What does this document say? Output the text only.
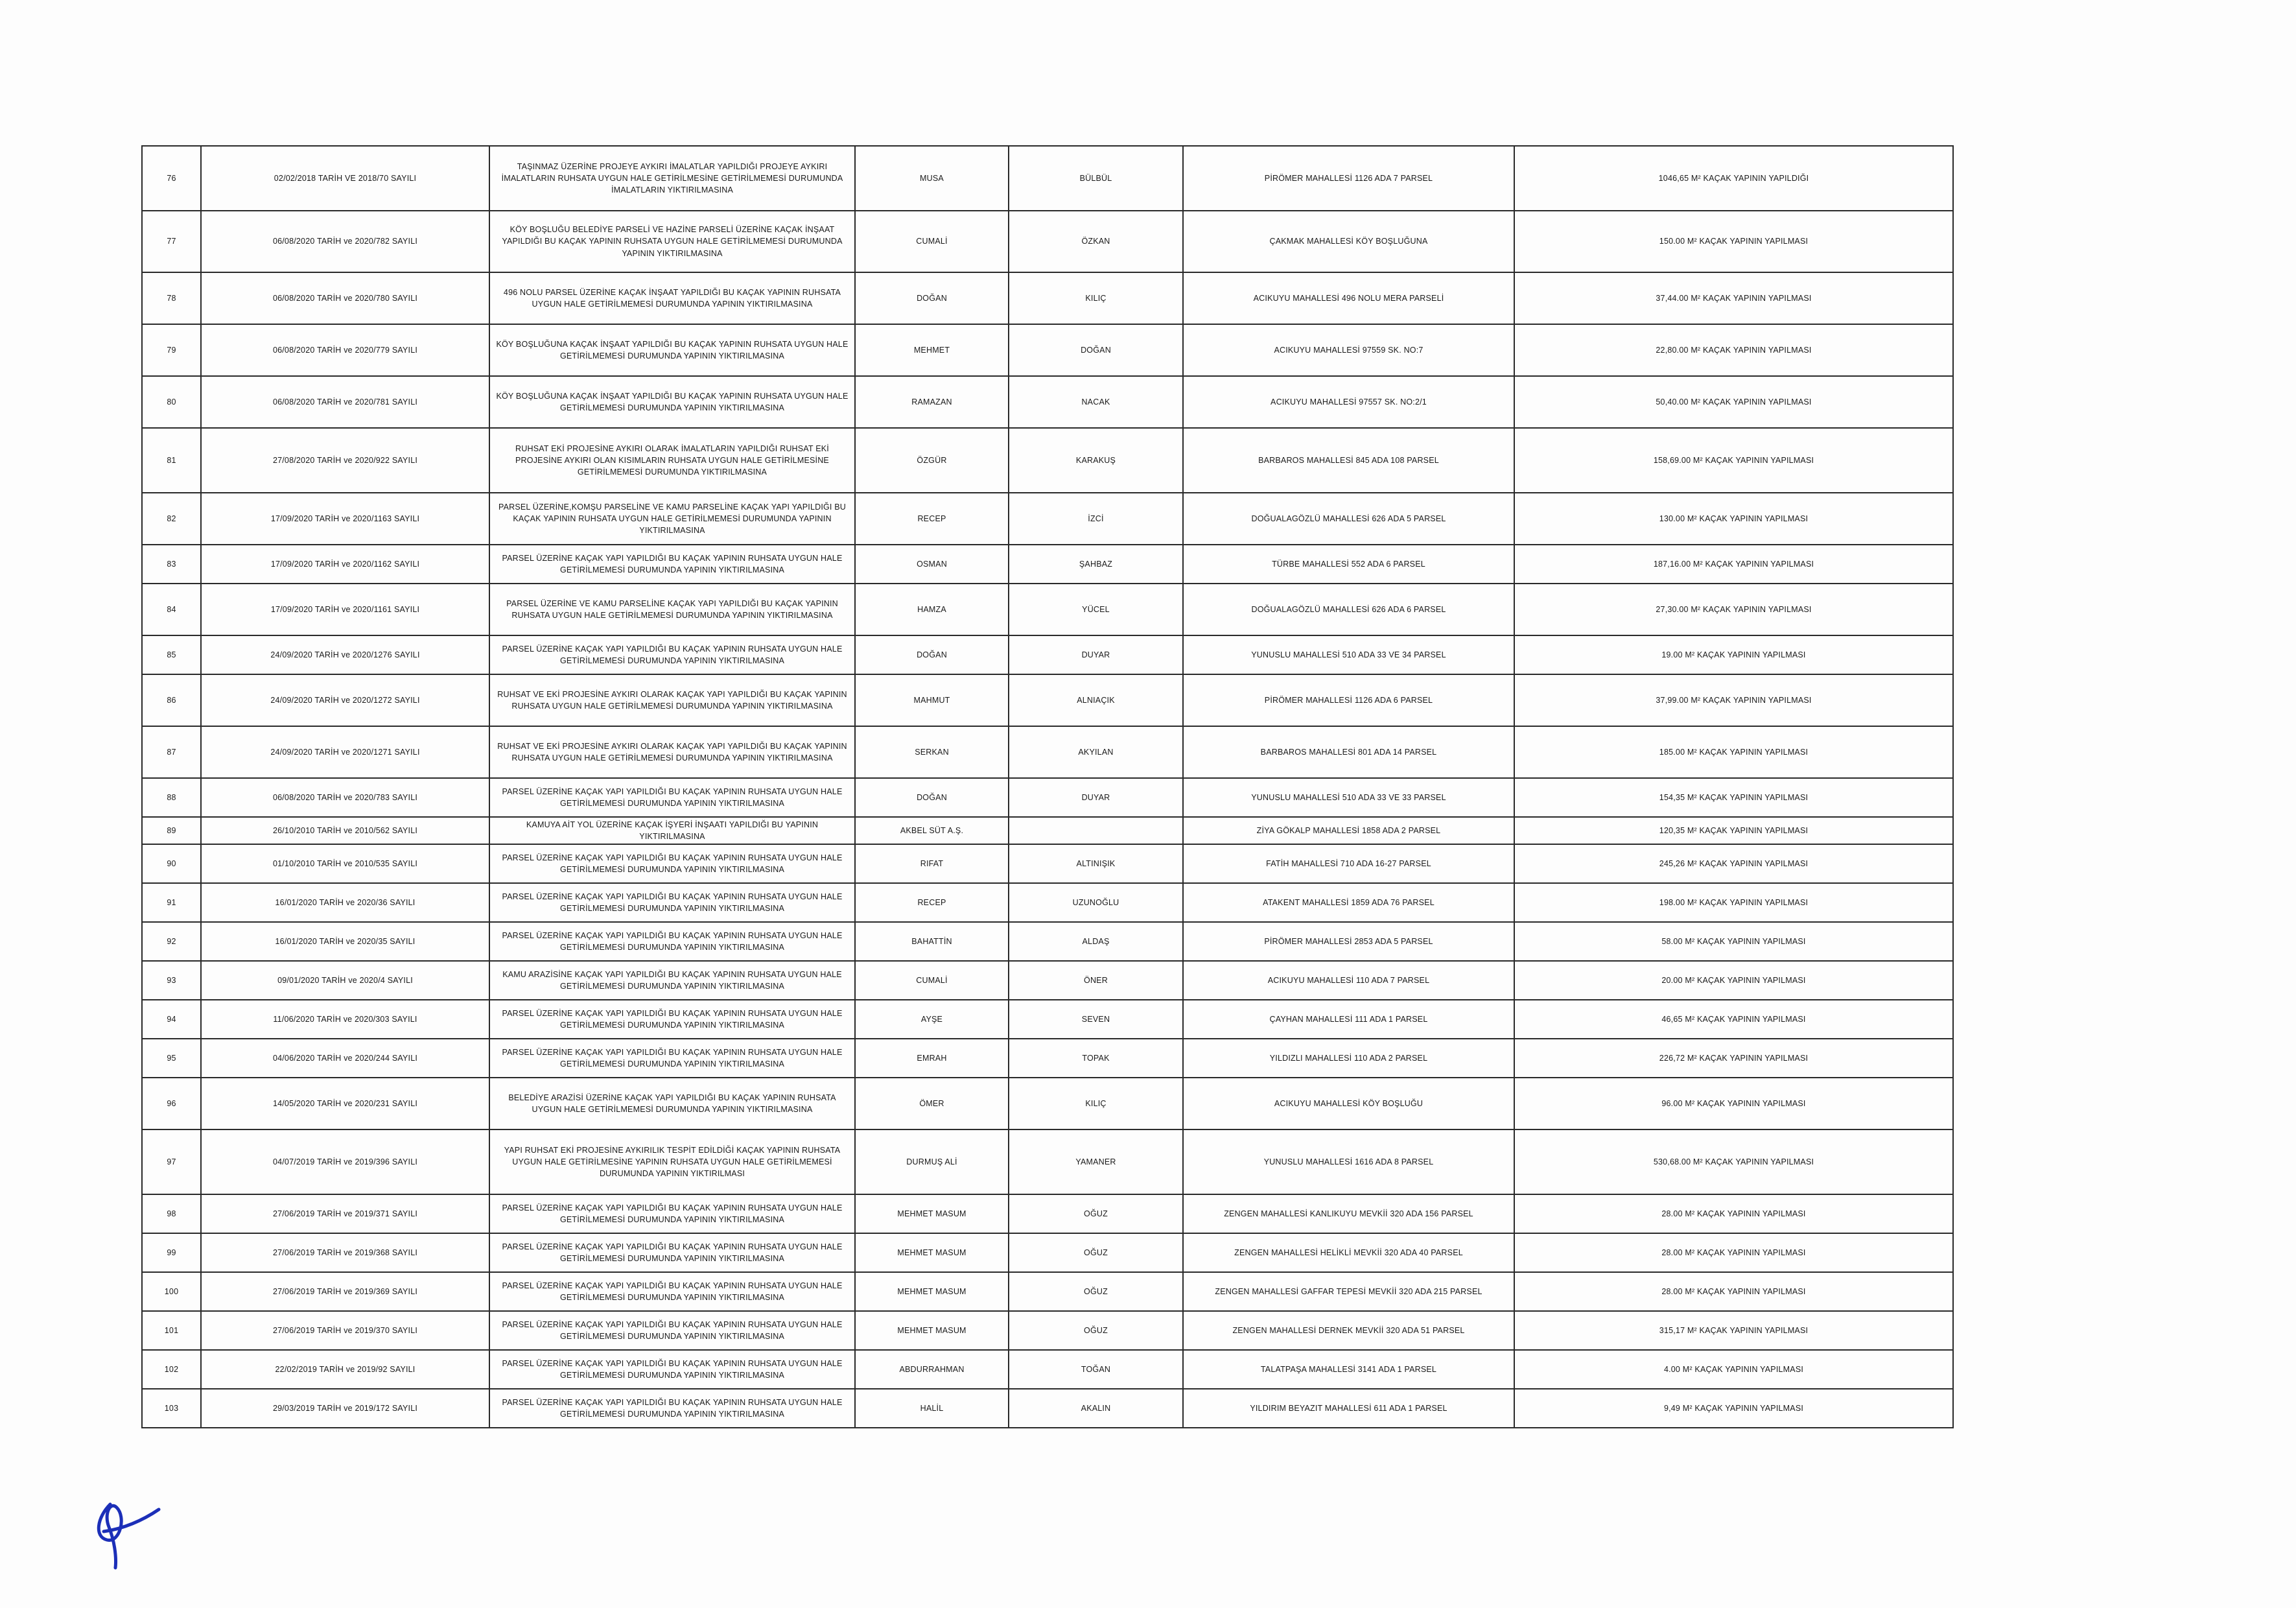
76	02/02/2018 TARİH VE 2018/70 SAYILI	TAŞINMAZ ÜZERİNE PROJEYE AYKIRI İMALATLAR YAPILDIĞI PROJEYE AYKIRI İMALATLARIN RUHSATA UYGUN HALE GETİRİLMESİNE GETİRİLMEMESİ DURUMUNDA İMALATLARIN YIKTIRILMASINA	MUSA	BÜLBÜL	PİRÖMER MAHALLESİ 1126 ADA 7 PARSEL	1046,65 M² KAÇAK YAPININ YAPILDIĞI
77	06/08/2020 TARİH ve 2020/782 SAYILI	KÖY BOŞLUĞU BELEDİYE PARSELİ VE HAZİNE PARSELİ ÜZERİNE KAÇAK İNŞAAT YAPILDIĞI BU KAÇAK YAPININ RUHSATA UYGUN HALE GETİRİLMEMESİ DURUMUNDA YAPININ YIKTIRILMASINA	CUMALİ	ÖZKAN	ÇAKMAK MAHALLESİ KÖY BOŞLUĞUNA	150.00 M² KAÇAK YAPININ YAPILMASI
78	06/08/2020 TARİH ve 2020/780 SAYILI	496 NOLU PARSEL ÜZERİNE KAÇAK İNŞAAT YAPILDIĞI BU KAÇAK YAPININ RUHSATA UYGUN HALE GETİRİLMEMESİ DURUMUNDA YAPININ YIKTIRILMASINA	DOĞAN	KILIÇ	ACIKUYU MAHALLESİ 496 NOLU MERA PARSELİ	37,44.00 M² KAÇAK YAPININ YAPILMASI
79	06/08/2020 TARİH ve 2020/779 SAYILI	KÖY BOŞLUĞUNA KAÇAK İNŞAAT YAPILDIĞI BU KAÇAK YAPININ RUHSATA UYGUN HALE GETİRİLMEMESİ DURUMUNDA YAPININ YIKTIRILMASINA	MEHMET	DOĞAN	ACIKUYU MAHALLESİ 97559 SK. NO:7	22,80.00 M² KAÇAK YAPININ YAPILMASI
80	06/08/2020 TARİH ve 2020/781 SAYILI	KÖY BOŞLUĞUNA KAÇAK İNŞAAT YAPILDIĞI BU KAÇAK YAPININ RUHSATA UYGUN HALE GETİRİLMEMESİ DURUMUNDA YAPININ YIKTIRILMASINA	RAMAZAN	NACAK	ACIKUYU MAHALLESİ 97557 SK. NO:2/1	50,40.00 M² KAÇAK YAPININ YAPILMASI
81	27/08/2020 TARİH ve 2020/922 SAYILI	RUHSAT EKİ PROJESİNE AYKIRI OLARAK İMALATLARIN YAPILDIĞI RUHSAT EKİ PROJESİNE AYKIRI OLAN KISIMLARIN RUHSATA UYGUN HALE GETİRİLMESİNE GETİRİLMEMESİ DURUMUNDA YIKTIRILMASINA	ÖZGÜR	KARAKUŞ	BARBAROS MAHALLESİ 845 ADA 108 PARSEL	158,69.00 M² KAÇAK YAPININ YAPILMASI
82	17/09/2020 TARİH ve 2020/1163 SAYILI	PARSEL ÜZERİNE,KOMŞU PARSELİNE VE KAMU PARSELİNE KAÇAK YAPI YAPILDIĞI BU KAÇAK YAPININ RUHSATA UYGUN HALE GETİRİLMEMESİ DURUMUNDA YAPININ YIKTIRILMASINA	RECEP	İZCİ	DOĞUALAGÖZLÜ MAHALLESİ 626 ADA 5 PARSEL	130.00 M² KAÇAK YAPININ YAPILMASI
83	17/09/2020 TARİH ve 2020/1162 SAYILI	PARSEL ÜZERİNE KAÇAK YAPI YAPILDIĞI BU KAÇAK YAPININ RUHSATA UYGUN HALE GETİRİLMEMESİ DURUMUNDA YAPININ YIKTIRILMASINA	OSMAN	ŞAHBAZ	TÜRBE MAHALLESİ 552 ADA 6 PARSEL	187,16.00 M² KAÇAK YAPININ YAPILMASI
84	17/09/2020 TARİH ve 2020/1161 SAYILI	PARSEL ÜZERİNE VE KAMU PARSELİNE KAÇAK YAPI YAPILDIĞI BU KAÇAK YAPININ RUHSATA UYGUN HALE GETİRİLMEMESİ DURUMUNDA YAPININ YIKTIRILMASINA	HAMZA	YÜCEL	DOĞUALAGÖZLÜ MAHALLESİ 626 ADA 6 PARSEL	27,30.00 M² KAÇAK YAPININ YAPILMASI
85	24/09/2020 TARİH ve 2020/1276 SAYILI	PARSEL ÜZERİNE KAÇAK YAPI YAPILDIĞI BU KAÇAK YAPININ RUHSATA UYGUN HALE GETİRİLMEMESİ DURUMUNDA YAPININ YIKTIRILMASINA	DOĞAN	DUYAR	YUNUSLU MAHALLESİ 510 ADA 33 VE 34 PARSEL	19.00 M² KAÇAK YAPININ YAPILMASI
86	24/09/2020 TARİH ve 2020/1272 SAYILI	RUHSAT VE EKİ PROJESİNE AYKIRI OLARAK KAÇAK YAPI YAPILDIĞI BU KAÇAK YAPININ RUHSATA UYGUN HALE GETİRİLMEMESİ DURUMUNDA YAPININ YIKTIRILMASINA	MAHMUT	ALNIAÇIK	PİRÖMER MAHALLESİ 1126 ADA 6 PARSEL	37,99.00 M² KAÇAK YAPININ YAPILMASI
87	24/09/2020 TARİH ve 2020/1271 SAYILI	RUHSAT VE EKİ PROJESİNE AYKIRI OLARAK KAÇAK YAPI YAPILDIĞI BU KAÇAK YAPININ RUHSATA UYGUN HALE GETİRİLMEMESİ DURUMUNDA YAPININ YIKTIRILMASINA	SERKAN	AKYILAN	BARBAROS MAHALLESİ 801 ADA 14 PARSEL	185.00 M² KAÇAK YAPININ YAPILMASI
88	06/08/2020 TARİH ve 2020/783 SAYILI	PARSEL ÜZERİNE KAÇAK YAPI YAPILDIĞI BU KAÇAK YAPININ RUHSATA UYGUN HALE GETİRİLMEMESİ DURUMUNDA YAPININ YIKTIRILMASINA	DOĞAN	DUYAR	YUNUSLU MAHALLESİ 510 ADA 33 VE 33 PARSEL	154,35 M² KAÇAK YAPININ YAPILMASI
89	26/10/2010 TARİH ve 2010/562 SAYILI	KAMUYA AİT YOL ÜZERİNE KAÇAK İŞYERİ İNŞAATI YAPILDIĞI BU YAPININ YIKTIRILMASINA	AKBEL SÜT A.Ş.		ZİYA GÖKALP MAHALLESİ 1858 ADA 2 PARSEL	120,35 M² KAÇAK YAPININ YAPILMASI
90	01/10/2010 TARİH ve 2010/535 SAYILI	PARSEL ÜZERİNE KAÇAK YAPI YAPILDIĞI BU KAÇAK YAPININ RUHSATA UYGUN HALE GETİRİLMEMESİ DURUMUNDA YAPININ YIKTIRILMASINA	RIFAT	ALTINIŞIK	FATİH MAHALLESİ 710 ADA 16-27 PARSEL	245,26 M² KAÇAK YAPININ YAPILMASI
91	16/01/2020 TARİH ve 2020/36 SAYILI	PARSEL ÜZERİNE KAÇAK YAPI YAPILDIĞI BU KAÇAK YAPININ RUHSATA UYGUN HALE GETİRİLMEMESİ DURUMUNDA YAPININ YIKTIRILMASINA	RECEP	UZUNOĞLU	ATAKENT MAHALLESİ 1859 ADA 76 PARSEL	198.00 M² KAÇAK YAPININ YAPILMASI
92	16/01/2020 TARİH ve 2020/35 SAYILI	PARSEL ÜZERİNE KAÇAK YAPI YAPILDIĞI BU KAÇAK YAPININ RUHSATA UYGUN HALE GETİRİLMEMESİ DURUMUNDA YAPININ YIKTIRILMASINA	BAHATTİN	ALDAŞ	PİRÖMER MAHALLESİ 2853 ADA 5 PARSEL	58.00 M² KAÇAK YAPININ YAPILMASI
93	09/01/2020 TARİH ve 2020/4 SAYILI	KAMU ARAZİSİNE KAÇAK YAPI YAPILDIĞI BU KAÇAK YAPININ RUHSATA UYGUN HALE GETİRİLMEMESİ DURUMUNDA YAPININ YIKTIRILMASINA	CUMALİ	ÖNER	ACIKUYU MAHALLESİ 110 ADA 7 PARSEL	20.00 M² KAÇAK YAPININ YAPILMASI
94	11/06/2020 TARİH ve 2020/303 SAYILI	PARSEL ÜZERİNE KAÇAK YAPI YAPILDIĞI BU KAÇAK YAPININ RUHSATA UYGUN HALE GETİRİLMEMESİ DURUMUNDA YAPININ YIKTIRILMASINA	AYŞE	SEVEN	ÇAYHAN MAHALLESİ 111 ADA 1 PARSEL	46,65 M² KAÇAK YAPININ YAPILMASI
95	04/06/2020 TARİH ve 2020/244 SAYILI	PARSEL ÜZERİNE KAÇAK YAPI YAPILDIĞI BU KAÇAK YAPININ RUHSATA UYGUN HALE GETİRİLMEMESİ DURUMUNDA YAPININ YIKTIRILMASINA	EMRAH	TOPAK	YILDIZLI MAHALLESİ 110 ADA 2 PARSEL	226,72 M² KAÇAK YAPININ YAPILMASI
96	14/05/2020 TARİH ve 2020/231 SAYILI	BELEDİYE ARAZİSİ ÜZERİNE KAÇAK YAPI YAPILDIĞI BU KAÇAK YAPININ RUHSATA UYGUN HALE GETİRİLMEMESİ DURUMUNDA YAPININ YIKTIRILMASINA	ÖMER	KILIÇ	ACIKUYU MAHALLESİ KÖY BOŞLUĞU	96.00 M² KAÇAK YAPININ YAPILMASI
97	04/07/2019 TARİH ve 2019/396 SAYILI	YAPI RUHSAT EKİ PROJESİNE AYKIRILIK TESPİT EDİLDİĞİ KAÇAK YAPININ RUHSATA UYGUN HALE GETİRİLMESİNE YAPININ RUHSATA UYGUN HALE GETİRİLMEMESİ DURUMUNDA YAPININ YIKTIRILMASI	DURMUŞ ALİ	YAMANER	YUNUSLU MAHALLESİ 1616 ADA 8 PARSEL	530,68.00 M² KAÇAK YAPININ YAPILMASI
98	27/06/2019 TARİH ve 2019/371 SAYILI	PARSEL ÜZERİNE KAÇAK YAPI YAPILDIĞI BU KAÇAK YAPININ RUHSATA UYGUN HALE GETİRİLMEMESİ DURUMUNDA YAPININ YIKTIRILMASINA	MEHMET MASUM	OĞUZ	ZENGEN MAHALLESİ KANLIKUYU MEVKİİ 320 ADA 156 PARSEL	28.00 M² KAÇAK YAPININ YAPILMASI
99	27/06/2019 TARİH ve 2019/368 SAYILI	PARSEL ÜZERİNE KAÇAK YAPI YAPILDIĞI BU KAÇAK YAPININ RUHSATA UYGUN HALE GETİRİLMEMESİ DURUMUNDA YAPININ YIKTIRILMASINA	MEHMET MASUM	OĞUZ	ZENGEN MAHALLESİ HELİKLİ MEVKİİ 320 ADA 40 PARSEL	28.00 M² KAÇAK YAPININ YAPILMASI
100	27/06/2019 TARİH ve 2019/369 SAYILI	PARSEL ÜZERİNE KAÇAK YAPI YAPILDIĞI BU KAÇAK YAPININ RUHSATA UYGUN HALE GETİRİLMEMESİ DURUMUNDA YAPININ YIKTIRILMASINA	MEHMET MASUM	OĞUZ	ZENGEN MAHALLESİ GAFFAR TEPESİ MEVKİİ 320 ADA 215 PARSEL	28.00 M² KAÇAK YAPININ YAPILMASI
101	27/06/2019 TARİH ve 2019/370 SAYILI	PARSEL ÜZERİNE KAÇAK YAPI YAPILDIĞI BU KAÇAK YAPININ RUHSATA UYGUN HALE GETİRİLMEMESİ DURUMUNDA YAPININ YIKTIRILMASINA	MEHMET MASUM	OĞUZ	ZENGEN MAHALLESİ DERNEK MEVKİİ 320 ADA 51 PARSEL	315,17 M² KAÇAK YAPININ YAPILMASI
102	22/02/2019 TARİH ve 2019/92 SAYILI	PARSEL ÜZERİNE KAÇAK YAPI YAPILDIĞI BU KAÇAK YAPININ RUHSATA UYGUN HALE GETİRİLMEMESİ DURUMUNDA YAPININ YIKTIRILMASINA	ABDURRAHMAN	TOĞAN	TALATPAŞA MAHALLESİ 3141 ADA 1 PARSEL	4.00 M² KAÇAK YAPININ YAPILMASI
103	29/03/2019 TARİH ve 2019/172 SAYILI	PARSEL ÜZERİNE KAÇAK YAPI YAPILDIĞI BU KAÇAK YAPININ RUHSATA UYGUN HALE GETİRİLMEMESİ DURUMUNDA YAPININ YIKTIRILMASINA	HALİL	AKALIN	YILDIRIM BEYAZIT MAHALLESİ 611 ADA 1 PARSEL	9,49 M² KAÇAK YAPININ YAPILMASI
